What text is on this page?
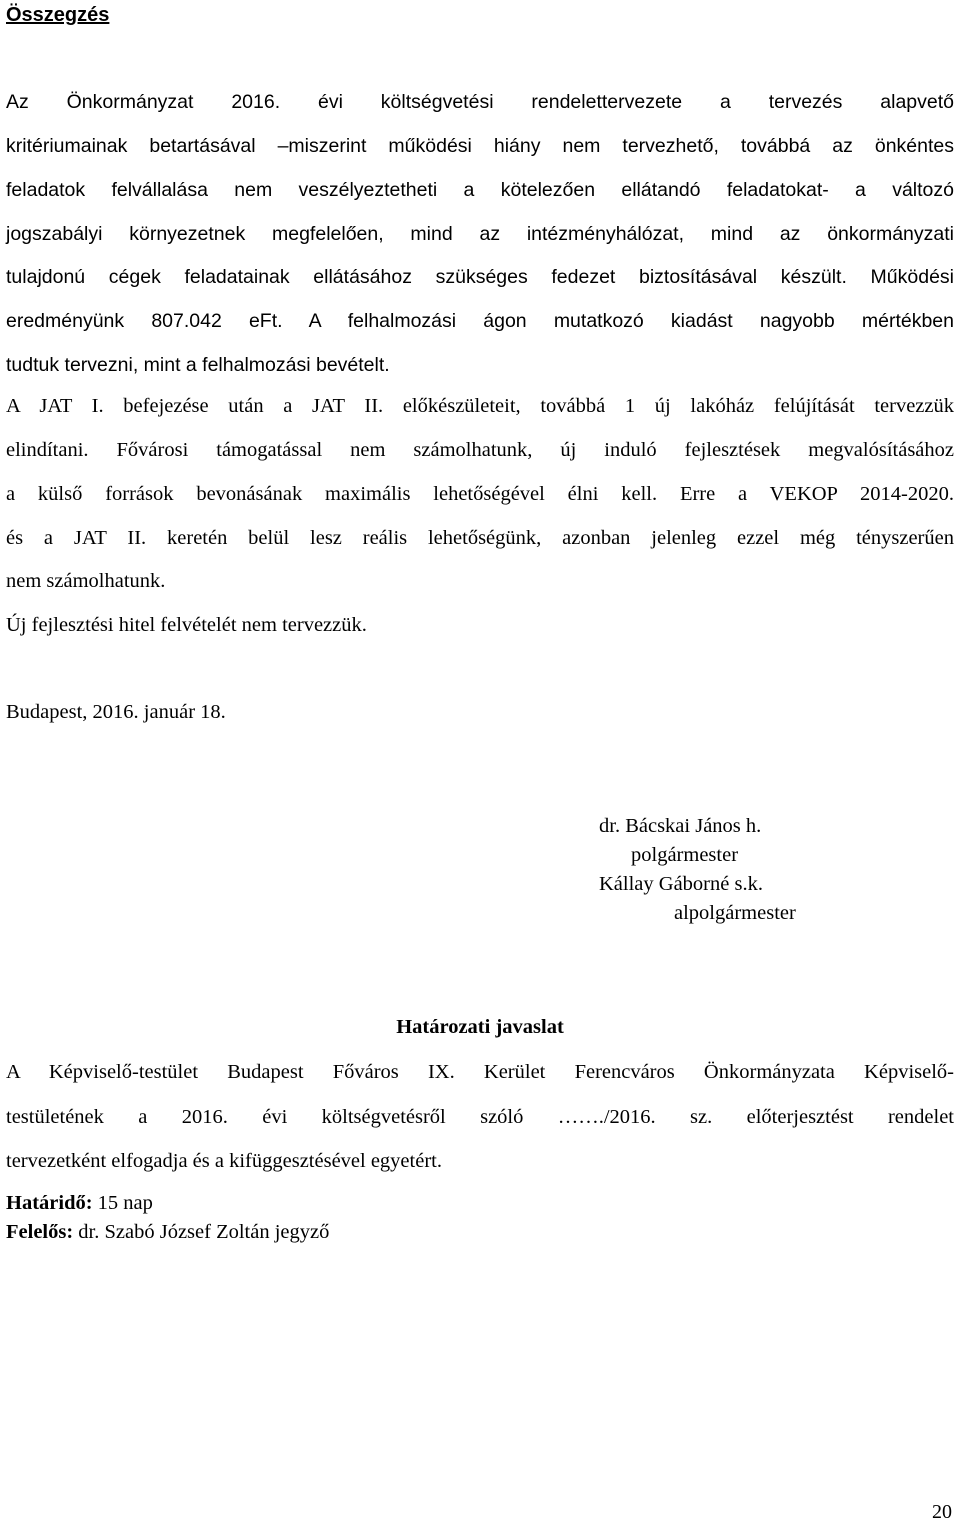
Összegzés
Az Önkormányzat 2016. évi költségvetési rendelettervezete a tervezés alapvető
kritériumainak betartásával –miszerint működési hiány nem tervezhető, továbbá az önkéntes
feladatok felvállalása nem veszélyeztetheti a kötelezően ellátandó feladatokat- a változó
jogszabályi környezetnek megfelelően, mind az intézményhálózat, mind az önkormányzati
tulajdonú cégek feladatainak ellátásához szükséges fedezet biztosításával készült. Működési
eredményünk 807.042 eFt. A felhalmozási ágon mutatkozó kiadást nagyobb mértékben
tudtuk tervezni, mint a felhalmozási bevételt.
A JAT I. befejezése után a JAT II. előkészületeit, továbbá 1 új lakóház felújítását tervezzük
elindítani. Fővárosi támogatással nem számolhatunk, új induló fejlesztések megvalósításához
a külső források bevonásának maximális lehetőségével élni kell. Erre a VEKOP 2014-2020.
és a JAT II. keretén belül lesz reális lehetőségünk, azonban jelenleg ezzel még tényszerűen
nem számolhatunk.
Új fejlesztési hitel felvételét nem tervezzük.
Budapest, 2016. január 18.
dr. Bácskai János h.
polgármester
Kállay Gáborné s.k.
alpolgármester
Határozati javaslat
A Képviselő-testület Budapest Főváros IX. Kerület Ferencváros Önkormányzata Képviselő-
testületének a 2016. évi költségvetésről szóló ……./2016. sz. előterjesztést rendelet
tervezetként elfogadja és a kifüggesztésével egyetért.
Határidő: 15 nap
Felelős: dr. Szabó József Zoltán jegyző
20
